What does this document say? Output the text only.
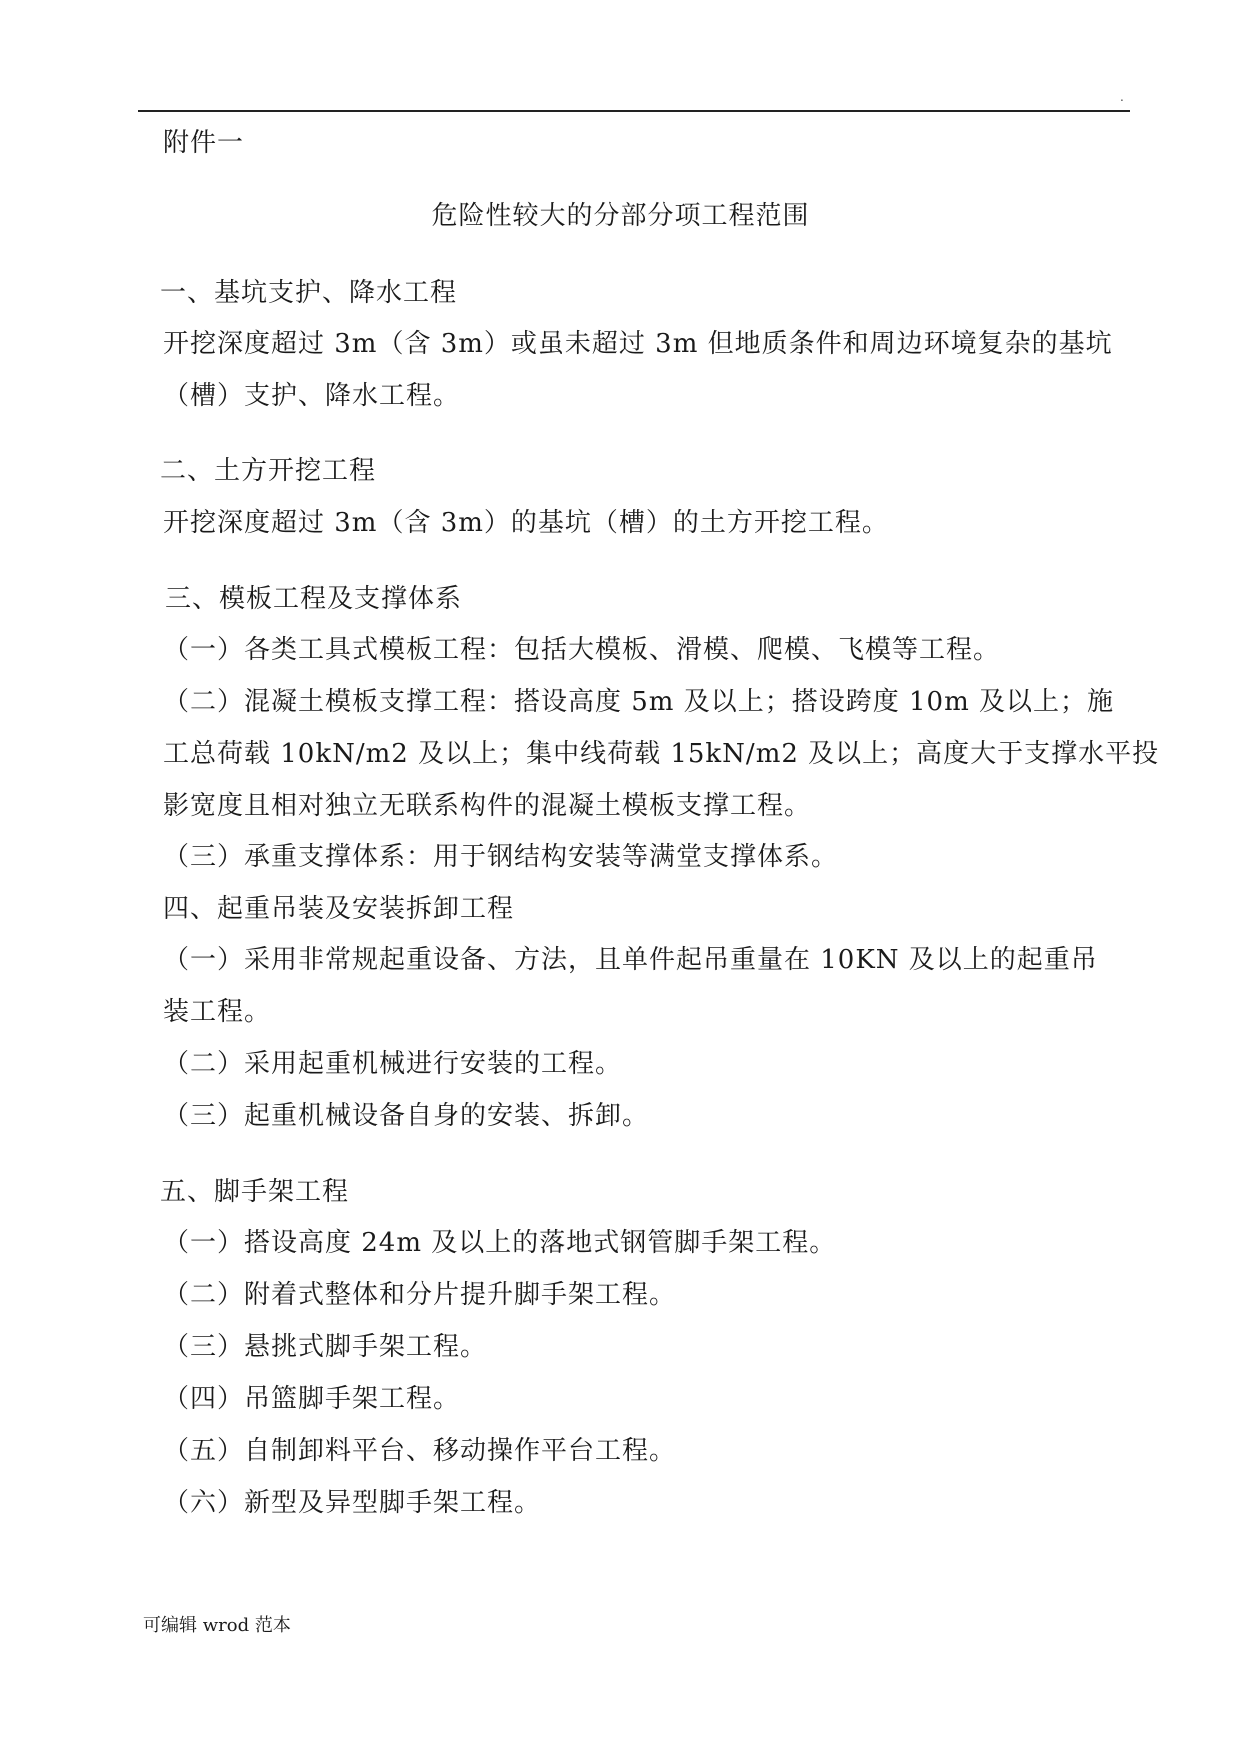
.
附件一
危险性较大的分部分项工程范围
一、基坑支护、降水工程
开挖深度超过 3m（含 3m）或虽未超过 3m 但地质条件和周边环境复杂的基坑
（槽）支护、降水工程。
二、土方开挖工程
开挖深度超过 3m（含 3m）的基坑（槽）的土方开挖工程。
三、模板工程及支撑体系
（一）各类工具式模板工程：包括大模板、滑模、爬模、飞模等工程。
（二）混凝土模板支撑工程：搭设高度 5m 及以上；搭设跨度 10m 及以上；施
工总荷载 10kN/m2 及以上；集中线荷载 15kN/m2 及以上；高度大于支撑水平投
影宽度且相对独立无联系构件的混凝土模板支撑工程。
（三）承重支撑体系：用于钢结构安装等满堂支撑体系。
四、起重吊装及安装拆卸工程
（一）采用非常规起重设备、方法，且单件起吊重量在 10KN 及以上的起重吊
装工程。
（二）采用起重机械进行安装的工程。
（三）起重机械设备自身的安装、拆卸。
五、脚手架工程
（一）搭设高度 24m 及以上的落地式钢管脚手架工程。
（二）附着式整体和分片提升脚手架工程。
（三）悬挑式脚手架工程。
（四）吊篮脚手架工程。
（五）自制卸料平台、移动操作平台工程。
（六）新型及异型脚手架工程。
可编辑 wrod 范本
